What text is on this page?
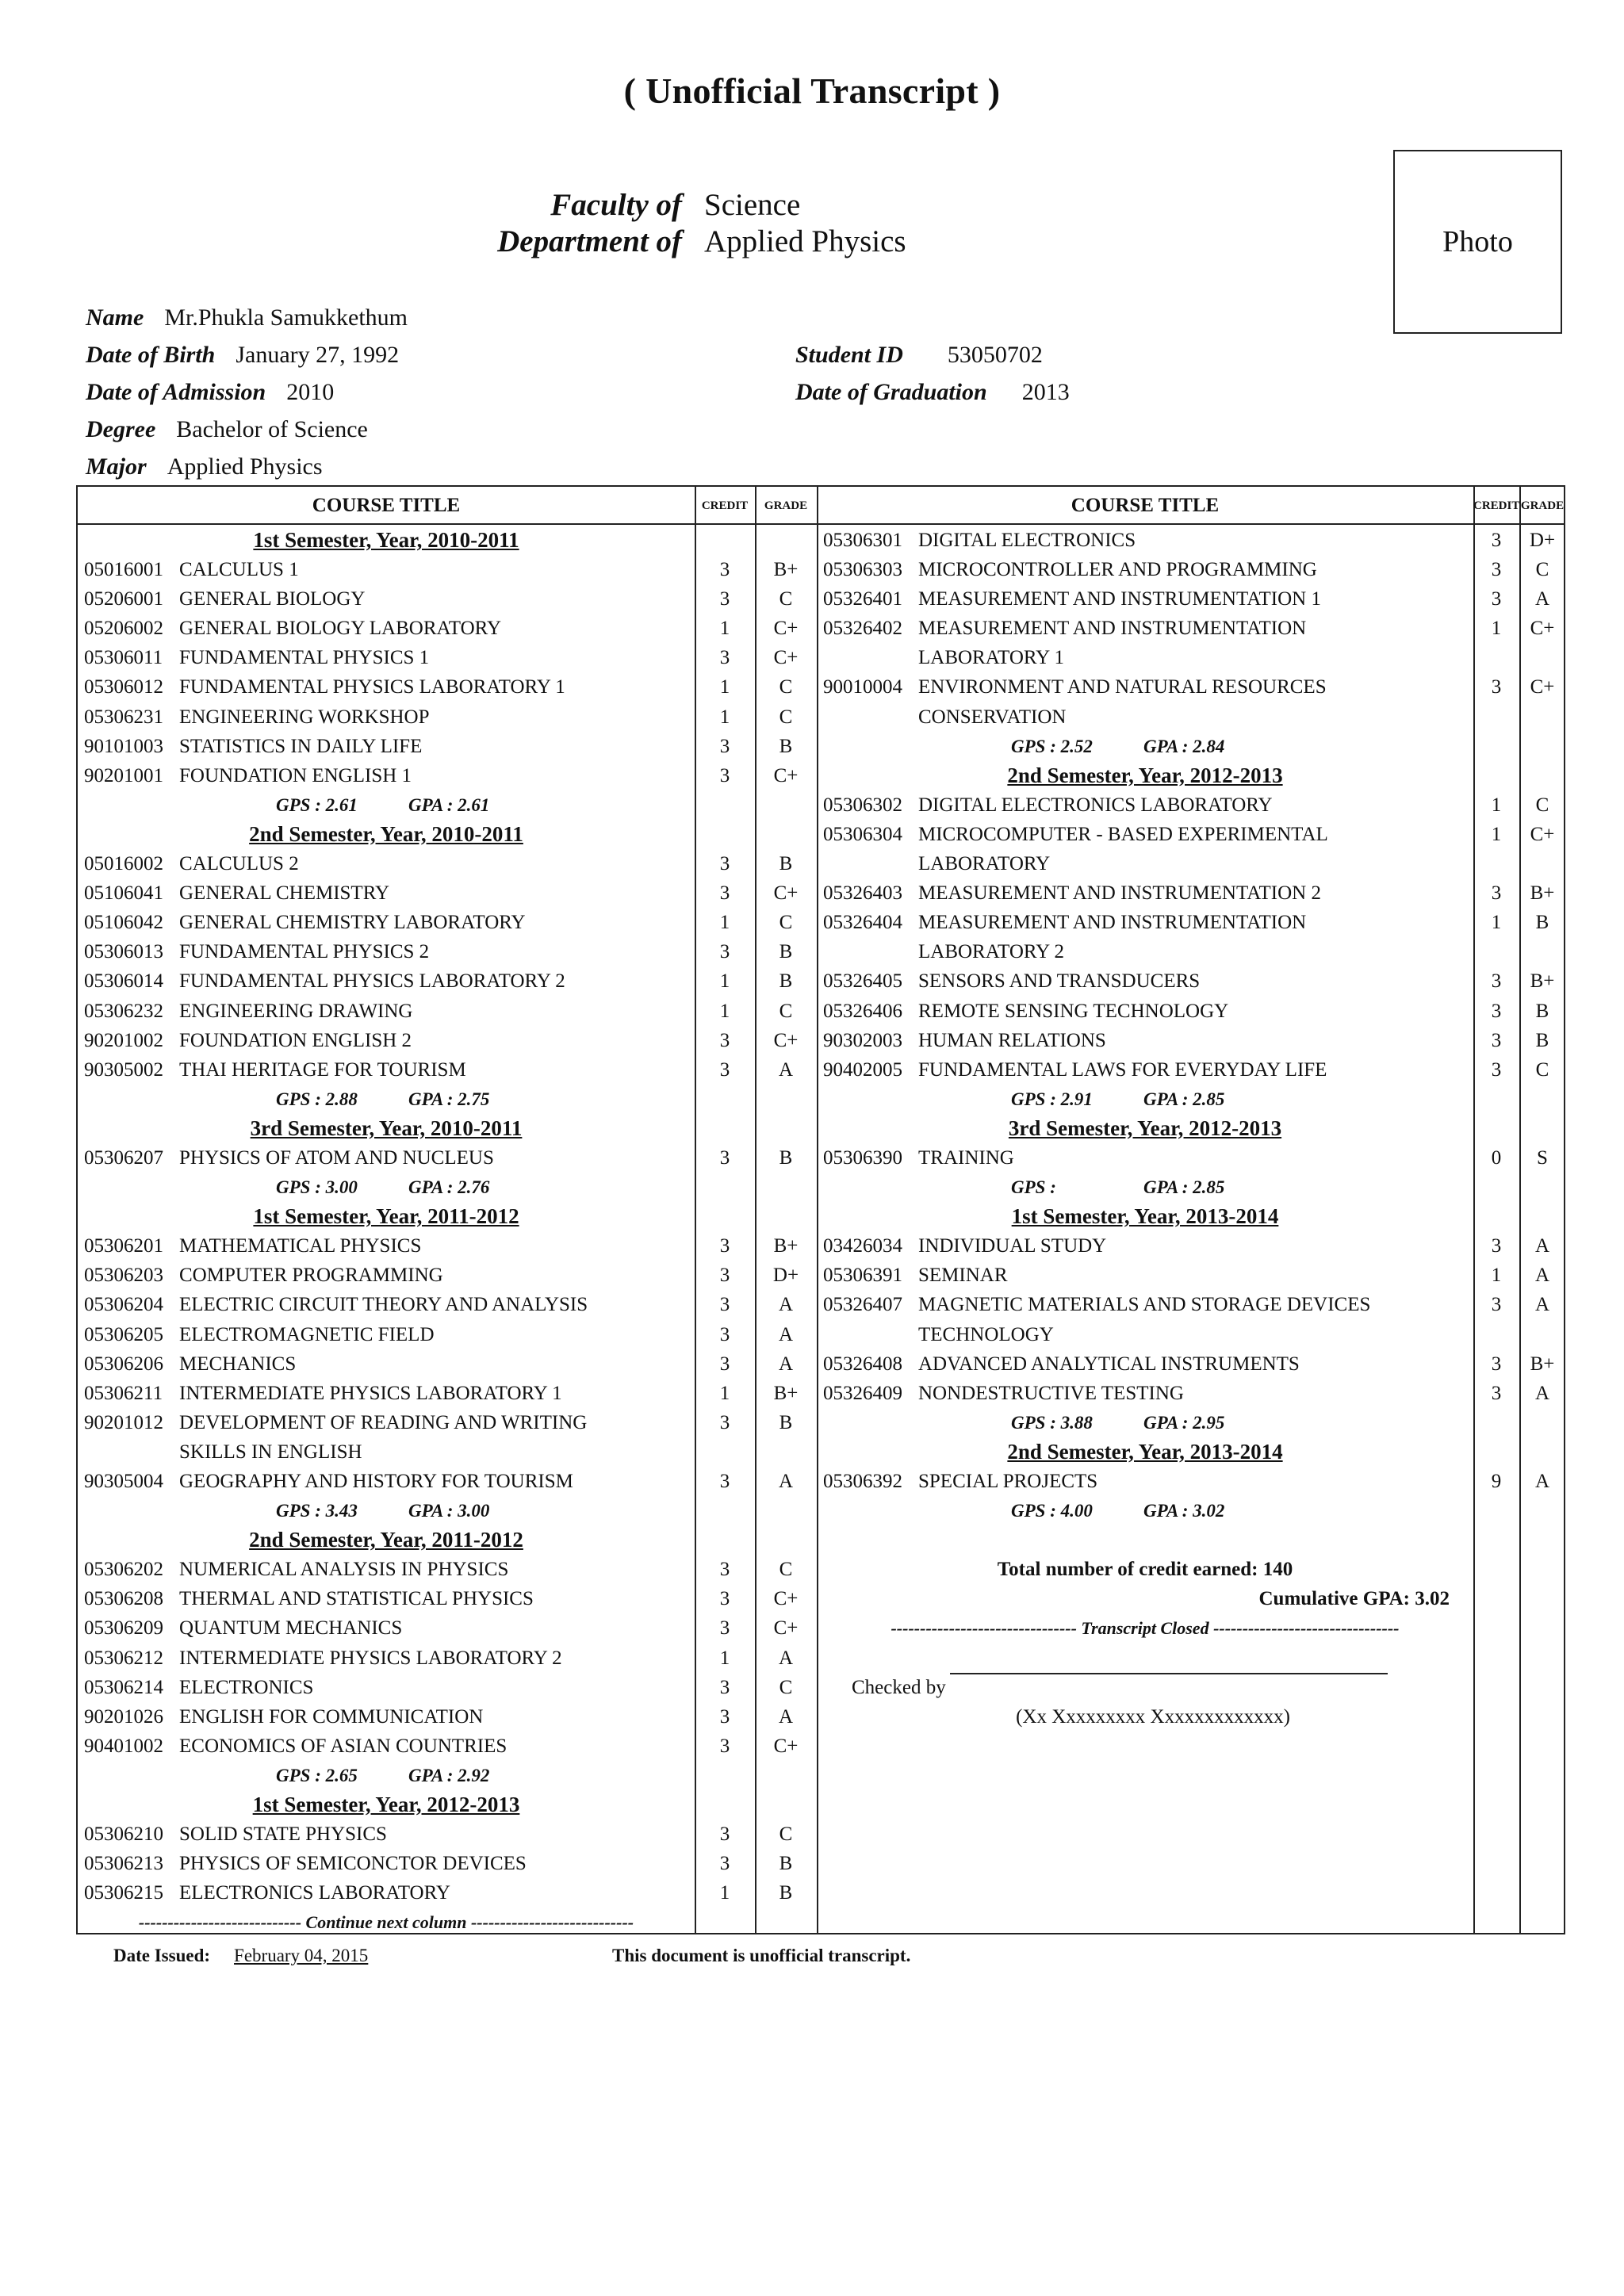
( Unofficial Transcript )
Faculty of Science
Department of Applied Physics	Photo
Name Mr.Phukla Samukkethum
Date of Birth January 27, 1992	Student ID 53050702
Date of Admission 2010	Date of Graduation 2013
Degree Bachelor of Science
Major Applied Physics
COURSE TITLE	CREDIT	GRADE	COURSE TITLE	CREDIT GRADE
1st Semester, Year, 2010-2011
05016001 CALCULUS 1	3	B+
05206001 GENERAL BIOLOGY	3	C
05206002 GENERAL BIOLOGY LABORATORY	1	C+
05306011 FUNDAMENTAL PHYSICS 1	3	C+
05306012 FUNDAMENTAL PHYSICS LABORATORY 1	1	C
05306231 ENGINEERING WORKSHOP	1	C
90101003 STATISTICS IN DAILY LIFE	3	B
90201001 FOUNDATION ENGLISH 1	3	C+
GPS : 2.61	GPA : 2.61
2nd Semester, Year, 2010-2011
05016002 CALCULUS 2	3	B
05106041 GENERAL CHEMISTRY	3	C+
05106042 GENERAL CHEMISTRY LABORATORY	1	C
05306013 FUNDAMENTAL PHYSICS 2	3	B
05306014 FUNDAMENTAL PHYSICS LABORATORY 2	1	B
05306232 ENGINEERING DRAWING	1	C
90201002 FOUNDATION ENGLISH 2	3	C+
90305002 THAI HERITAGE FOR TOURISM	3	A
GPS : 2.88	GPA : 2.75
3rd Semester, Year, 2010-2011
05306207 PHYSICS OF ATOM AND NUCLEUS	3	B
GPS : 3.00	GPA : 2.76
1st Semester, Year, 2011-2012
05306201 MATHEMATICAL PHYSICS	3	B+
05306203 COMPUTER PROGRAMMING	3	D+
05306204 ELECTRIC CIRCUIT THEORY AND ANALYSIS	3	A
05306205 ELECTROMAGNETIC FIELD	3	A
05306206 MECHANICS	3	A
05306211 INTERMEDIATE PHYSICS LABORATORY 1	1	B+
90201012 DEVELOPMENT OF READING AND WRITING	3	B
SKILLS IN ENGLISH
90305004 GEOGRAPHY AND HISTORY FOR TOURISM	3	A
GPS : 3.43	GPA : 3.00
2nd Semester, Year, 2011-2012
05306202 NUMERICAL ANALYSIS IN PHYSICS	3	C
05306208 THERMAL AND STATISTICAL PHYSICS	3	C+
05306209 QUANTUM MECHANICS	3	C+
05306212 INTERMEDIATE PHYSICS LABORATORY 2	1	A
05306214 ELECTRONICS	3	C
90201026 ENGLISH FOR COMMUNICATION	3	A
90401002 ECONOMICS OF ASIAN COUNTRIES	3	C+
GPS : 2.65	GPA : 2.92
1st Semester, Year, 2012-2013
05306210 SOLID STATE PHYSICS	3	C
05306213 PHYSICS OF SEMICONCTOR DEVICES	3	B
05306215 ELECTRONICS LABORATORY	1	B
---------------------------- Continue next column ----------------------------
05306301 DIGITAL ELECTRONICS	3	D+
05306303 MICROCONTROLLER AND PROGRAMMING	3	C
05326401 MEASUREMENT AND INSTRUMENTATION 1	3	A
05326402 MEASUREMENT AND INSTRUMENTATION	1	C+
LABORATORY 1
90010004 ENVIRONMENT AND NATURAL RESOURCES	3	C+
CONSERVATION
GPS : 2.52	GPA : 2.84
2nd Semester, Year, 2012-2013
05306302 DIGITAL ELECTRONICS LABORATORY	1	C
05306304 MICROCOMPUTER - BASED EXPERIMENTAL	1	C+
LABORATORY
05326403 MEASUREMENT AND INSTRUMENTATION 2	3	B+
05326404 MEASUREMENT AND INSTRUMENTATION	1	B
LABORATORY 2
05326405 SENSORS AND TRANSDUCERS	3	B+
05326406 REMOTE SENSING TECHNOLOGY	3	B
90302003 HUMAN RELATIONS	3	B
90402005 FUNDAMENTAL LAWS FOR EVERYDAY LIFE	3	C
GPS : 2.91	GPA : 2.85
3rd Semester, Year, 2012-2013
05306390 TRAINING	0	S
GPS :	GPA : 2.85
1st Semester, Year, 2013-2014
03426034 INDIVIDUAL STUDY	3	A
05306391 SEMINAR	1	A
05326407 MAGNETIC MATERIALS AND STORAGE DEVICES	3	A
TECHNOLOGY
05326408 ADVANCED ANALYTICAL INSTRUMENTS	3	B+
05326409 NONDESTRUCTIVE TESTING	3	A
GPS : 3.88	GPA : 2.95
2nd Semester, Year, 2013-2014
05306392 SPECIAL PROJECTS	9	A
GPS : 4.00	GPA : 3.02
Total number of credit earned: 140
Cumulative GPA: 3.02
-------------------------------- Transcript Closed --------------------------------
Checked by
(Xx Xxxxxxxxx Xxxxxxxxxxxxx)
Date Issued: February 04, 2015	This document is unofficial transcript.
